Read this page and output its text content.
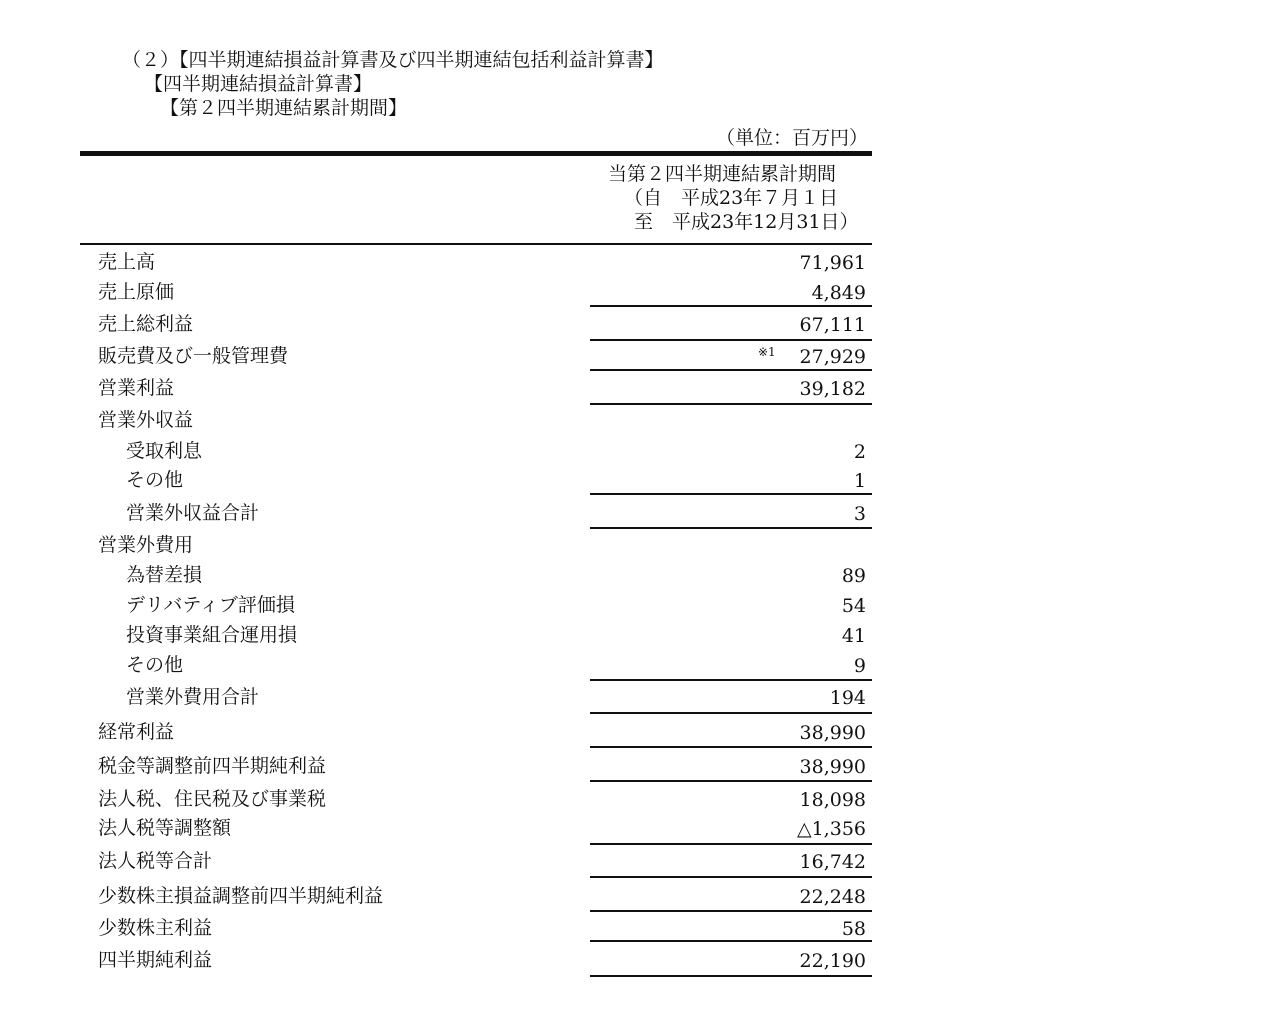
（２）【四半期連結損益計算書及び四半期連結包括利益計算書】
【四半期連結損益計算書】
【第２四半期連結累計期間】
（単位：百万円）
当第２四半期連結累計期間
（自　平成23年７月１日
至　平成23年12月31日）
売上高	71,961
売上原価	4,849
売上総利益	67,111
販売費及び一般管理費	※1 27,929
営業利益	39,182
営業外収益
受取利息	2
その他	1
営業外収益合計	3
営業外費用
為替差損	89
デリバティブ評価損	54
投資事業組合運用損	41
その他	9
営業外費用合計	194
経常利益	38,990
税金等調整前四半期純利益	38,990
法人税、住民税及び事業税	18,098
法人税等調整額	△1,356
法人税等合計	16,742
少数株主損益調整前四半期純利益	22,248
少数株主利益	58
四半期純利益	22,190
